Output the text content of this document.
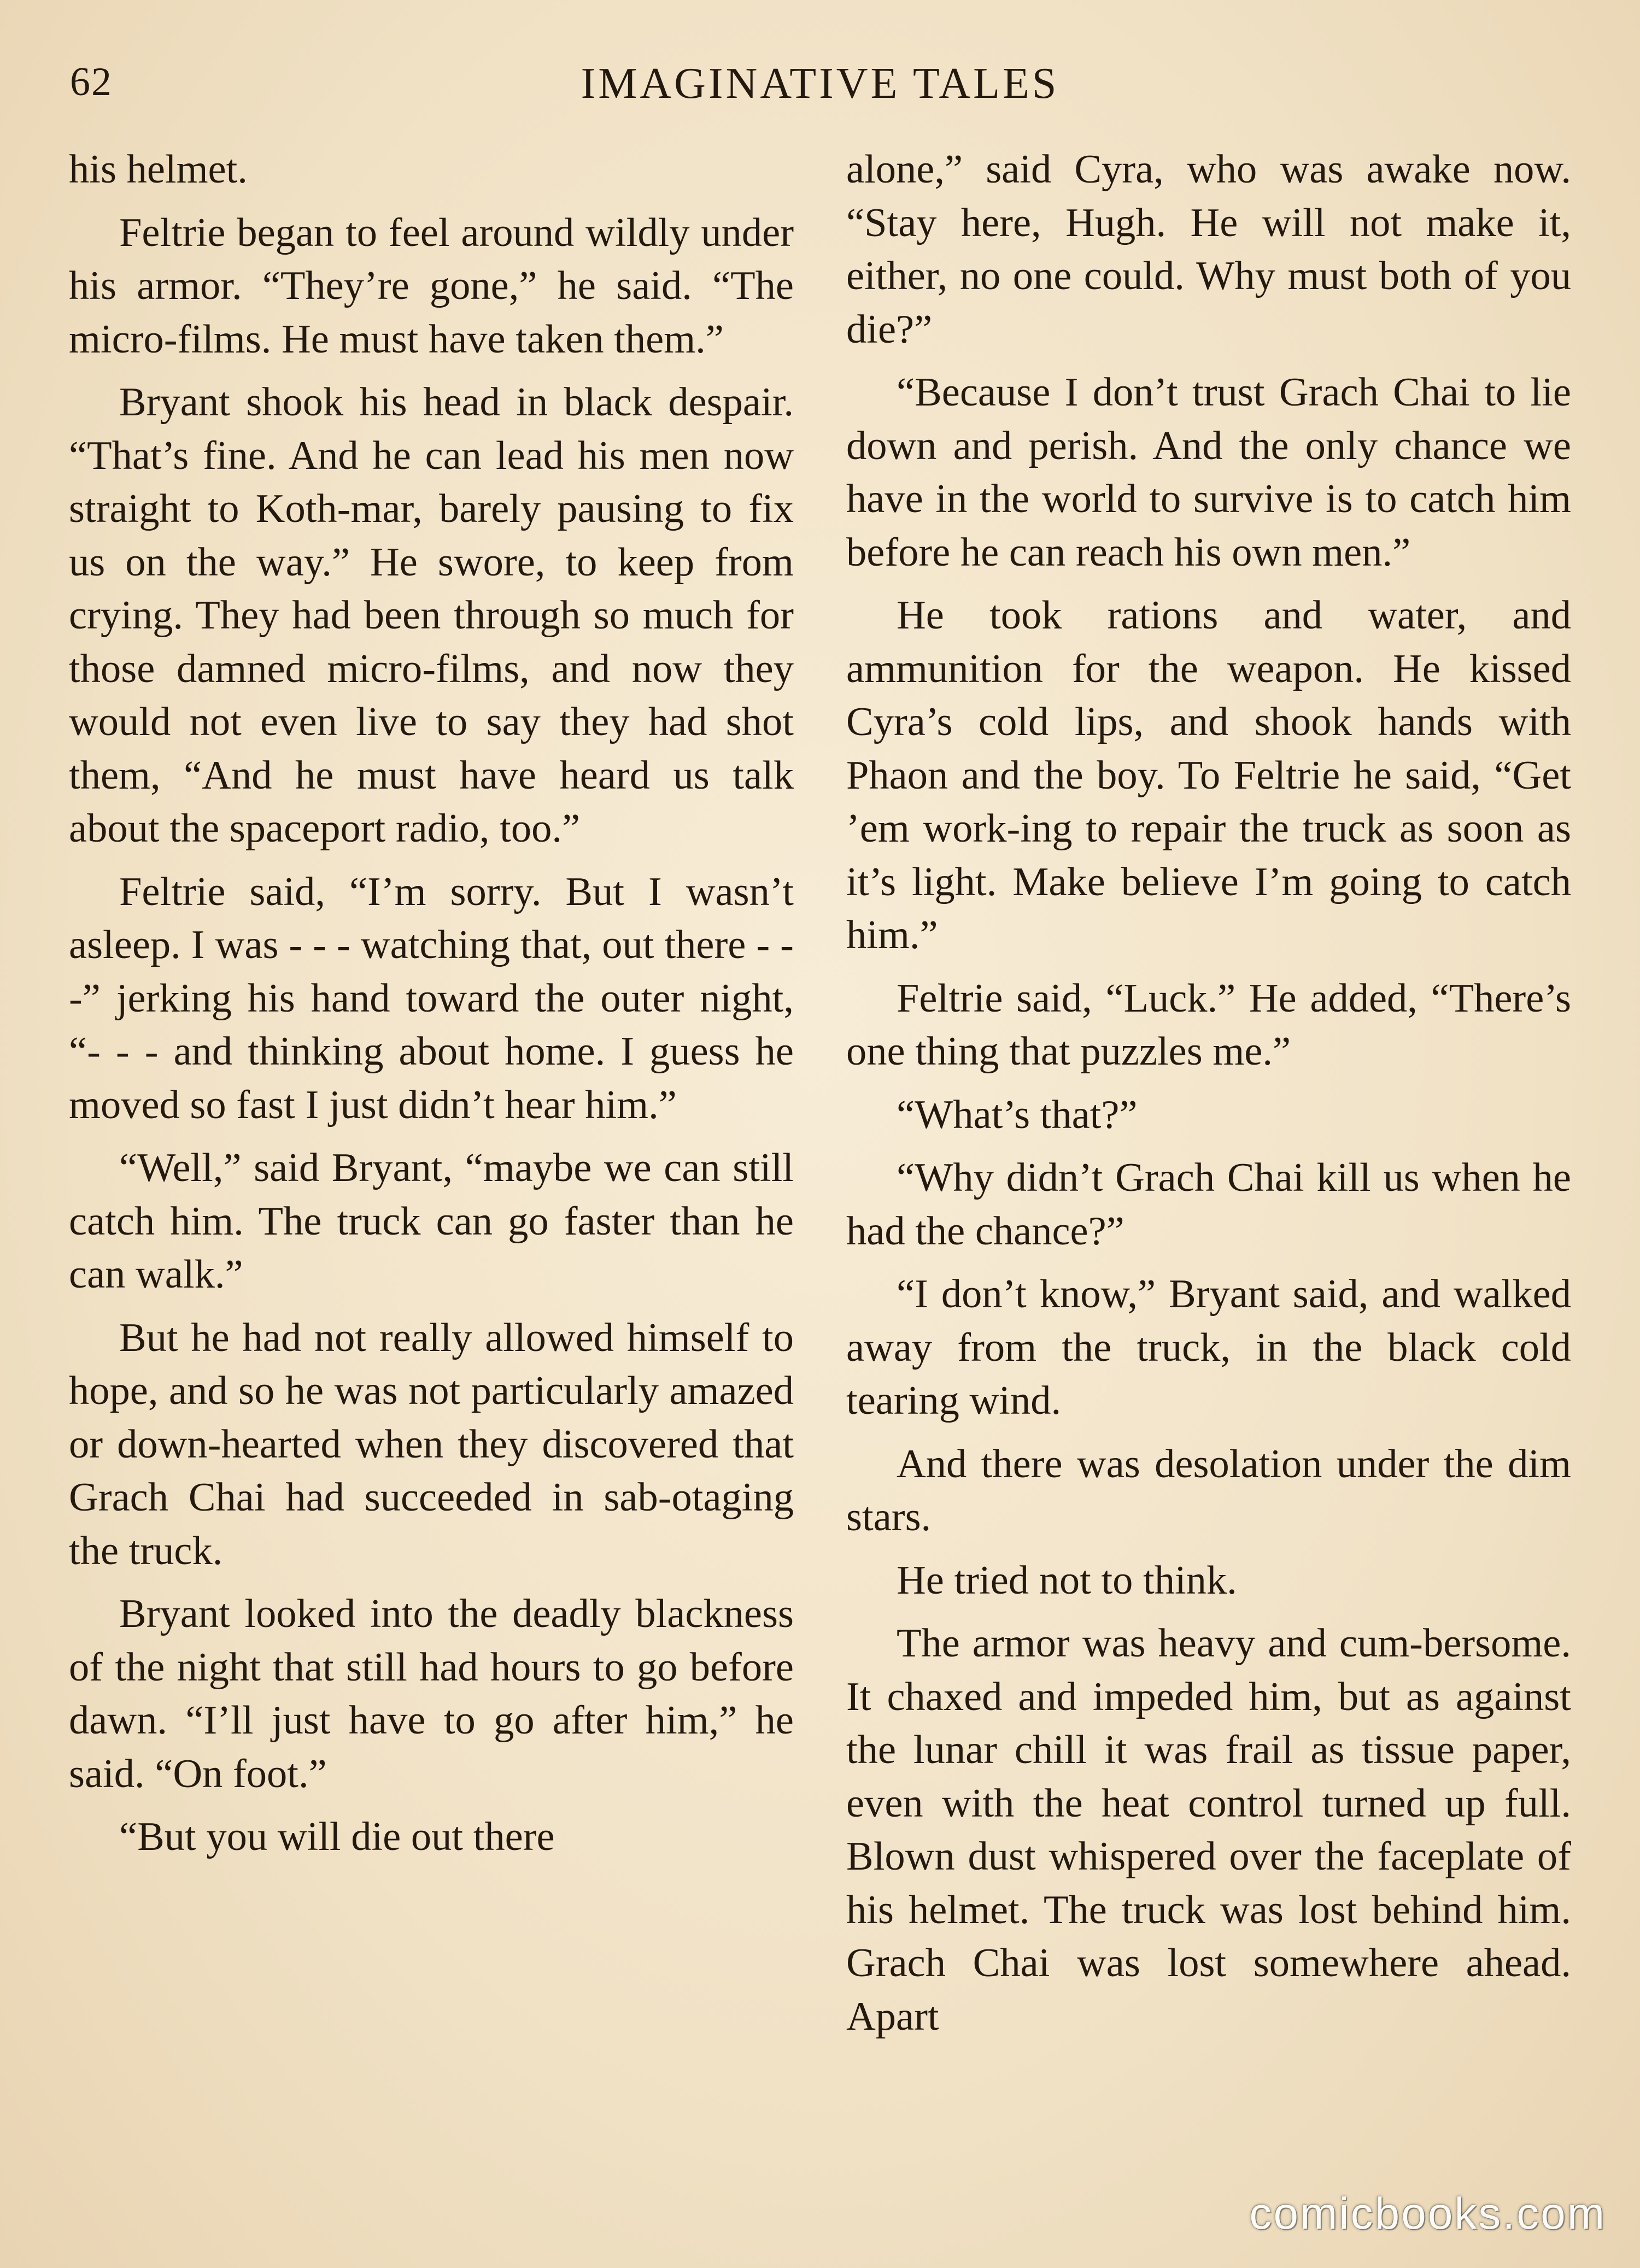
62	IMAGINATIVE TALES

his helmet.

Feltrie began to feel around wildly under his armor. “They’re gone,” he said. “The micro-films. He must have taken them.”

Bryant shook his head in black despair. “That’s fine. And he can lead his men now straight to Koth-mar, barely pausing to fix us on the way.” He swore, to keep from crying. They had been through so much for those damned micro-films, and now they would not even live to say they had shot them, “And he must have heard us talk about the spaceport radio, too.”

Feltrie said, “I’m sorry. But I wasn’t asleep. I was - - - watching that, out there - - -” jerking his hand toward the outer night, “- - - and thinking about home. I guess he moved so fast I just didn’t hear him.”

“Well,” said Bryant, “maybe we can still catch him. The truck can go faster than he can walk.”

But he had not really allowed himself to hope, and so he was not particularly amazed or down-hearted when they discovered that Grach Chai had succeeded in sab-otaging the truck.

Bryant looked into the deadly blackness of the night that still had hours to go before dawn. “I’ll just have to go after him,” he said. “On foot.”

“But you will die out there

alone,” said Cyra, who was awake now. “Stay here, Hugh. He will not make it, either, no one could. Why must both of you die?”

“Because I don’t trust Grach Chai to lie down and perish. And the only chance we have in the world to survive is to catch him before he can reach his own men.”

He took rations and water, and ammunition for the weapon. He kissed Cyra’s cold lips, and shook hands with Phaon and the boy. To Feltrie he said, “Get ’em work-ing to repair the truck as soon as it’s light. Make believe I’m going to catch him.”

Feltrie said, “Luck.” He added, “There’s one thing that puzzles me.”

“What’s that?”

“Why didn’t Grach Chai kill us when he had the chance?”

“I don’t know,” Bryant said, and walked away from the truck, in the black cold tearing wind.

And there was desolation under the dim stars.

He tried not to think.

The armor was heavy and cum-bersome. It chaxed and impeded him, but as against the lunar chill it was frail as tissue paper, even with the heat control turned up full. Blown dust whispered over the faceplate of his helmet. The truck was lost behind him. Grach Chai was lost somewhere ahead. Apart

comicbooks.com
